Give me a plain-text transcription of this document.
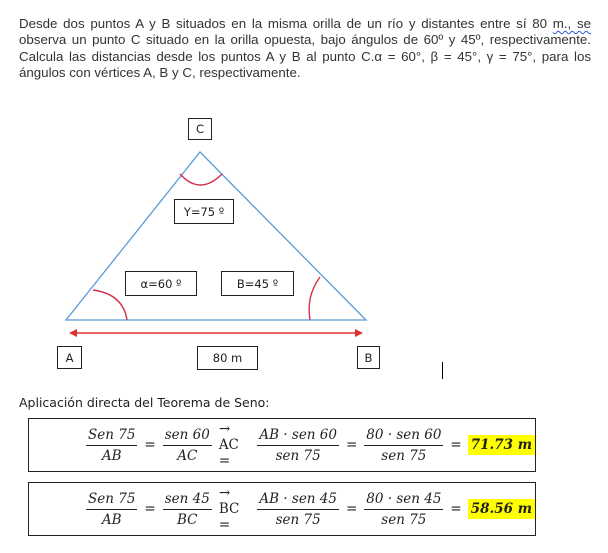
Desde dos puntos A y B situados en la misma orilla de un río y distantes entre sí 80 m., se observa un punto C situado en la orilla opuesta, bajo ángulos de 60º y 45º, respectivamente. Calcula las distancias desde los puntos A y B al punto C.α = 60°, β = 45°, γ = 75°, para los ángulos con vértices A, B y C, respectivamente.
C
Υ=75 º
α=60 º	B=45 º
A	80 m	B
Aplicación directa del Teorema de Seno:
$\frac{\text{Sen 75}}{AB} = \frac{\text{sen 60}}{AC}$ → AC =	$\frac{\text{AB · sen 60}}{\text{sen 75}} = \frac{\text{80 · sen 60}}{\text{sen 75}} = 71.73$ m
$\frac{\text{Sen 75}}{AB} = \frac{\text{sen 45}}{BC}$ → BC =	$\frac{\text{AB · sen 45}}{\text{sen 75}} = \frac{\text{80 · sen 45}}{\text{sen 75}} = 58.56$ m
